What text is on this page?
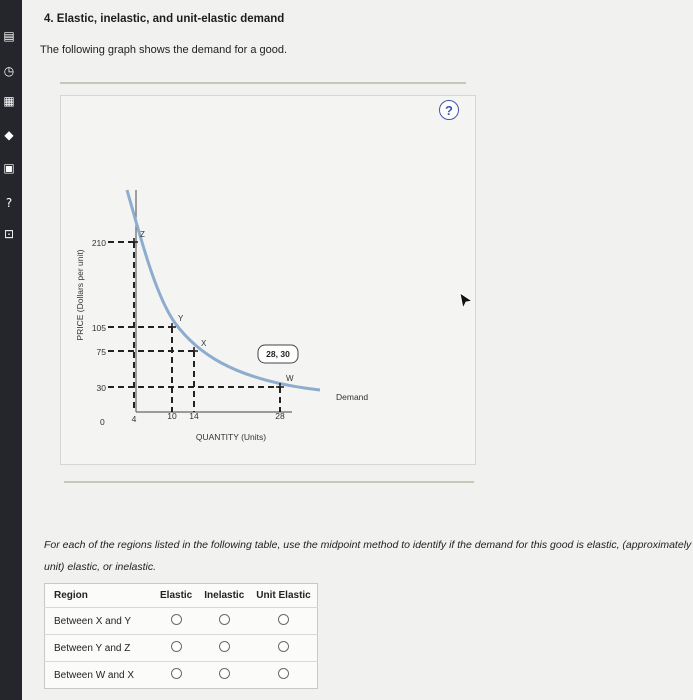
▤
◷
▦
◆
▣
?
⊡
4. Elastic, inelastic, and unit-elastic demand
The following graph shows the demand for a good.
?
Z
Y
X
W
210
105
75
30
4	10 14	28
0
QUANTITY (Units)
Demand
28, 30
PRICE (Dollars per unit)
For each of the regions listed in the following table, use the midpoint method to identify if the demand for this good is elastic, (approximately unit) elastic, or inelastic.
Region	Elastic	Inelastic	Unit Elastic
Between X and Y			
Between Y and Z			
Between W and X			
